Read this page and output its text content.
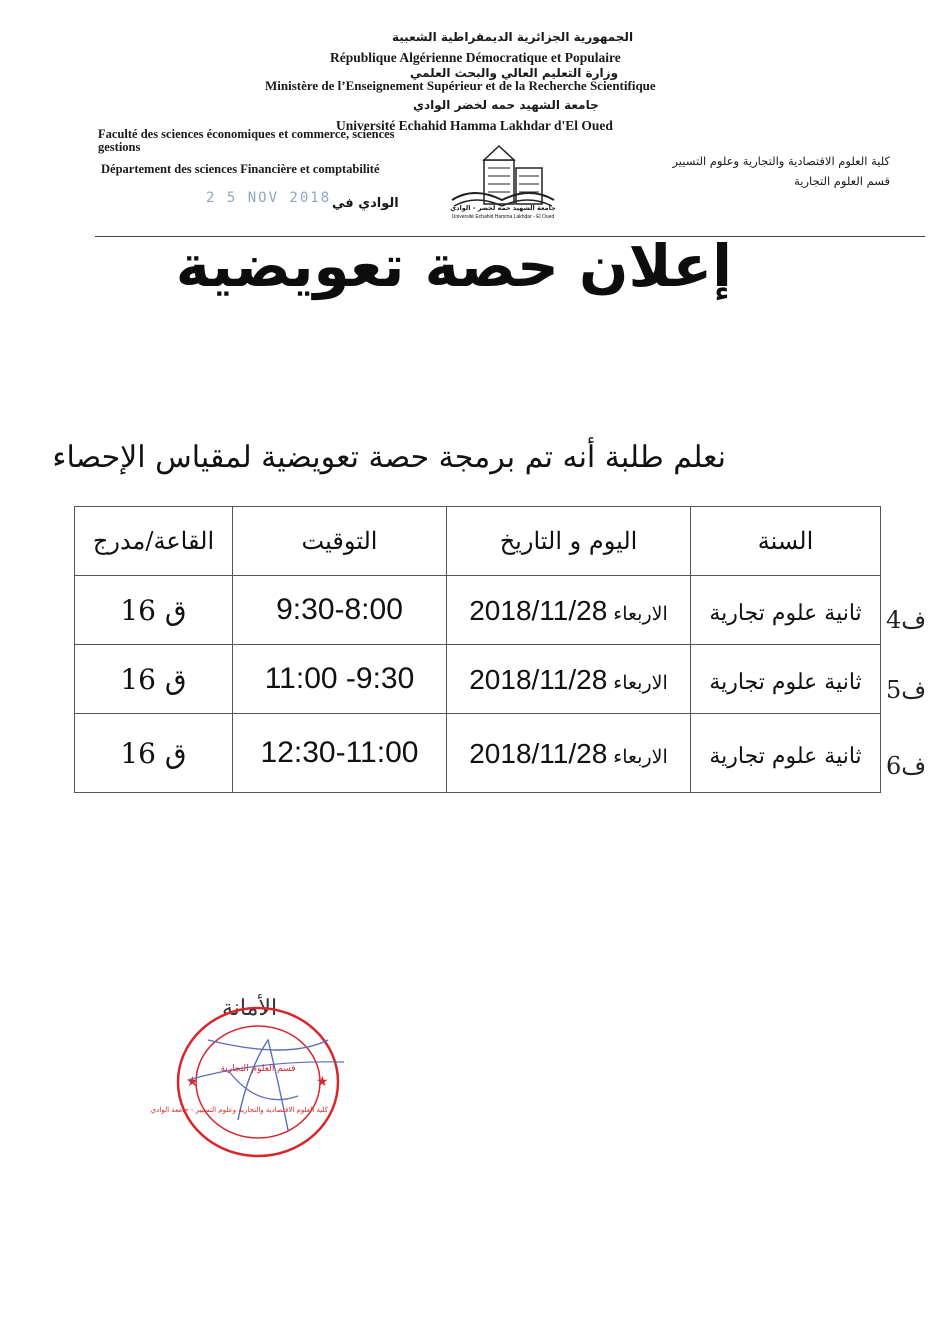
الجمهورية الجزائرية الديمقراطية الشعبية
République Algérienne Démocratique et Populaire
وزارة التعليم العالي والبحث العلمي
Ministère de l’Enseignement Supérieur et de la Recherche Scientifique
جامعة الشهيد حمه لخضر الوادي
Université Echahid Hamma Lakhdar d'El Oued
Faculté des sciences économiques et commerce, sciences
gestions
Département des sciences Financière et comptabilité
كلية العلوم الاقتصادية والتجارية وعلوم التسيير
قسم العلوم التجارية
2 5 NOV 2018 الوادي في	جامعة الشهيد حمه لخضر - الوادي
Université Echahid Hamma Lakhdar - El Oued
إعلان حصة تعويضية
نعلم طلبة أنه تم برمجة حصة تعويضية لمقياس الإحصاء
السنة	اليوم و التاريخ	التوقيت	القاعة/مدرج
ثانية علوم تجارية	2018/11/28 الاربعاء	9:30-8:00	ق 16
ثانية علوم تجارية	2018/11/28 الاربعاء	11:00 -9:30	ق 16
ثانية علوم تجارية	2018/11/28 الاربعاء	12:30-11:00	ق 16
ف4
ف5
ف6
الأمانة
★	★
قسم العلوم التجارية
كلية العلوم الاقتصادية والتجارية وعلوم التسيير - جامعة الوادي
